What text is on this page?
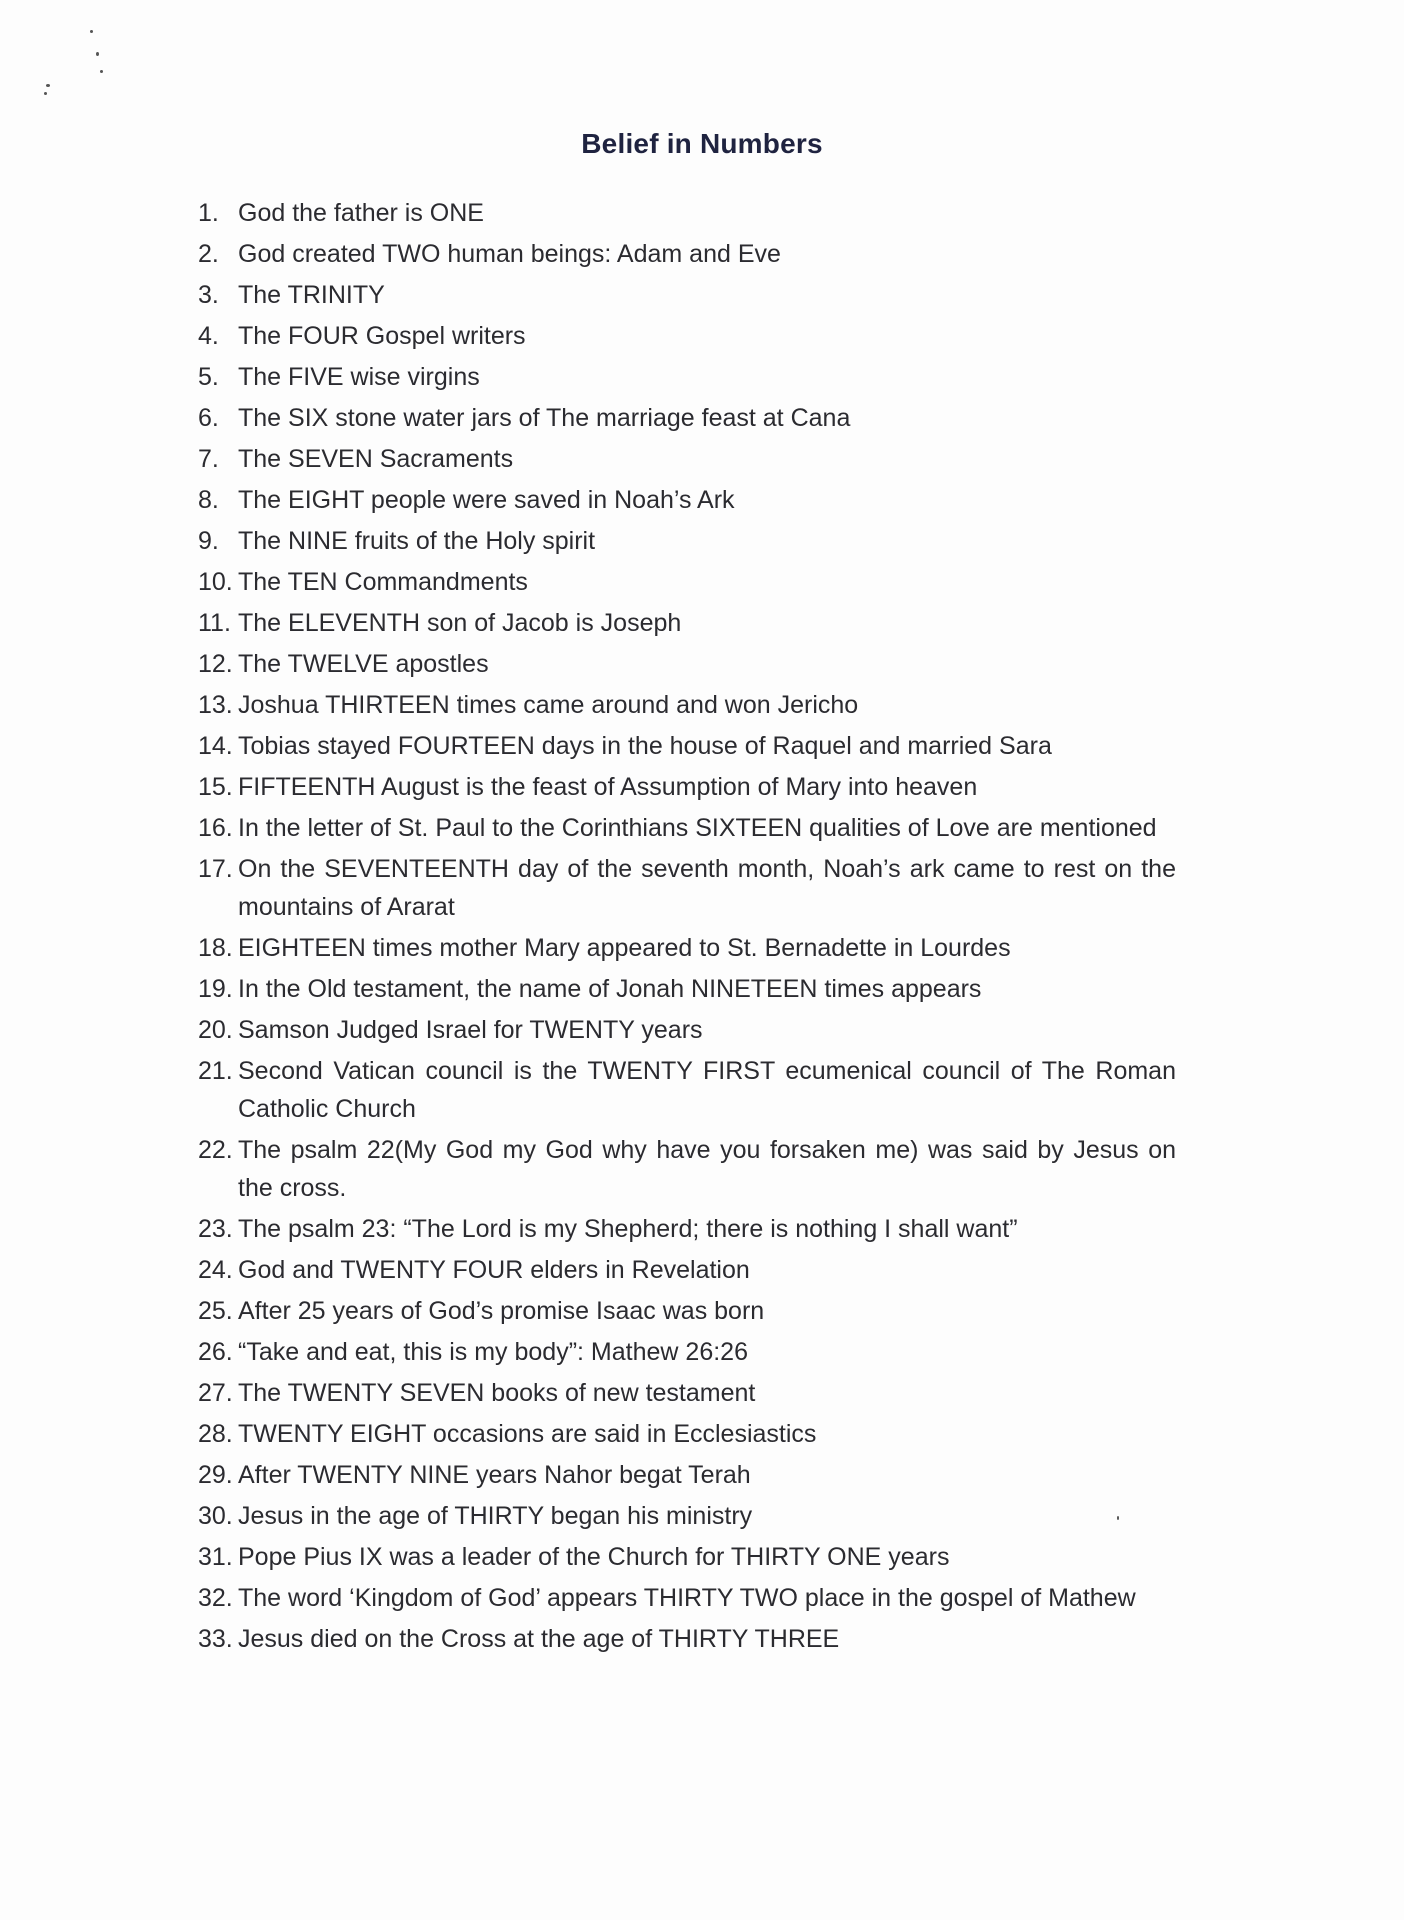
Belief in Numbers
1. God the father is ONE
2. God created TWO human beings: Adam and Eve
3. The TRINITY
4. The FOUR Gospel writers
5. The FIVE wise virgins
6. The SIX stone water jars of The marriage feast at Cana
7. The SEVEN Sacraments
8. The EIGHT people were saved in Noah’s Ark
9. The NINE fruits of the Holy spirit
10. The TEN Commandments
11. The ELEVENTH son of Jacob is Joseph
12. The TWELVE apostles
13. Joshua THIRTEEN times came around and won Jericho
14. Tobias stayed FOURTEEN days in the house of Raquel and married Sara
15. FIFTEENTH August is the feast of Assumption of Mary into heaven
16. In the letter of St. Paul to the Corinthians SIXTEEN qualities of Love are mentioned
17. On the SEVENTEENTH day of the seventh month, Noah’s ark came to rest on the mountains of Ararat
18. EIGHTEEN times mother Mary appeared to St. Bernadette in Lourdes
19. In the Old testament, the name of Jonah NINETEEN times appears
20. Samson Judged Israel for TWENTY years
21. Second Vatican council is the TWENTY FIRST ecumenical council of The Roman Catholic Church
22. The psalm 22(My God my God why have you forsaken me) was said by Jesus on the cross.
23. The psalm 23: “The Lord is my Shepherd; there is nothing I shall want”
24. God and TWENTY FOUR elders in Revelation
25. After 25 years of God’s promise Isaac was born
26. “Take and eat, this is my body”: Mathew 26:26
27. The TWENTY SEVEN books of new testament
28. TWENTY EIGHT occasions are said in Ecclesiastics
29. After TWENTY NINE years Nahor begat Terah
30. Jesus in the age of THIRTY began his ministry
31. Pope Pius IX was a leader of the Church for THIRTY ONE years
32. The word ‘Kingdom of God’ appears THIRTY TWO place in the gospel of Mathew
33. Jesus died on the Cross at the age of THIRTY THREE
